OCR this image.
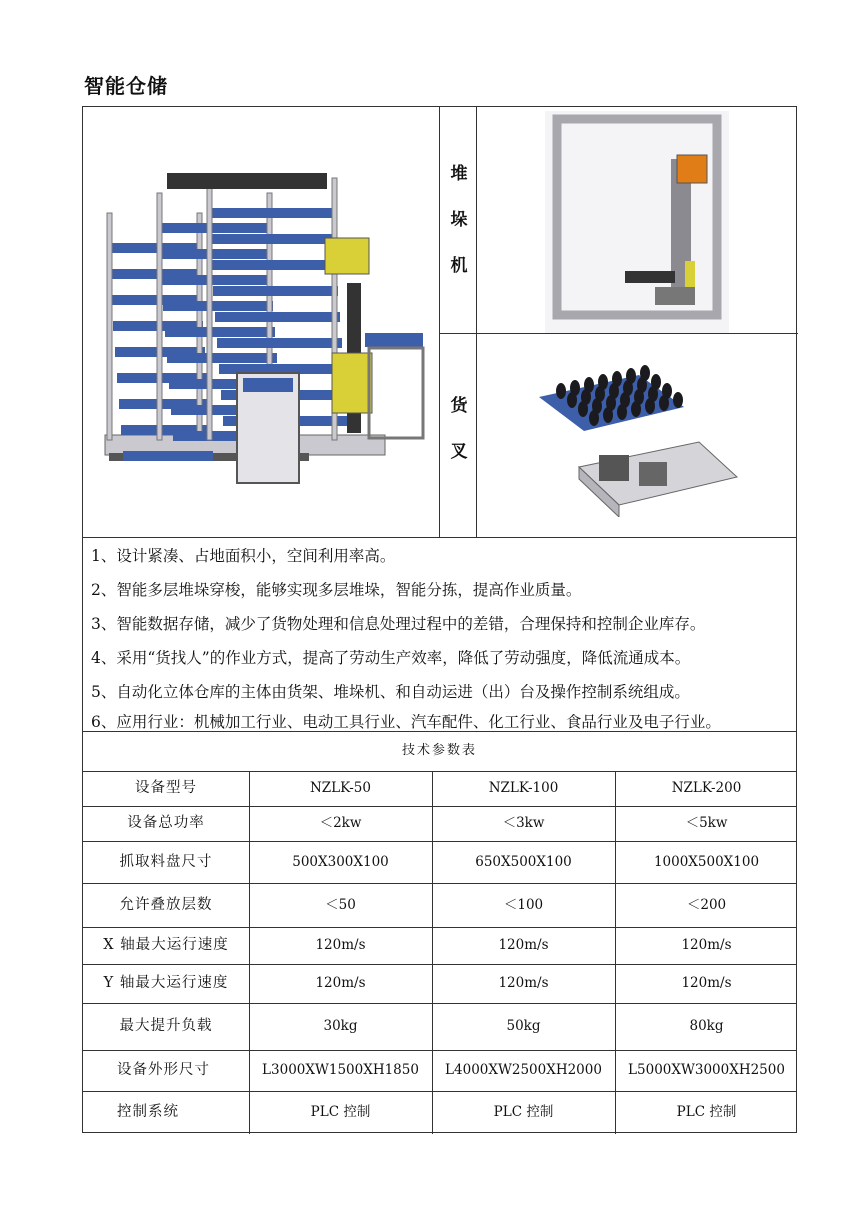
智能仓储
堆
垛
机
货
叉
1、设计紧凑、占地面积小，空间利用率高。
2、智能多层堆垛穿梭，能够实现多层堆垛，智能分拣，提高作业质量。
3、智能数据存储，减少了货物处理和信息处理过程中的差错，合理保持和控制企业库存。
4、采用“货找人”的作业方式，提高了劳动生产效率，降低了劳动强度，降低流通成本。
5、自动化立体仓库的主体由货架、堆垛机、和自动运进（出）台及操作控制系统组成。
6、应用行业：机械加工行业、电动工具行业、汽车配件、化工行业、食品行业及电子行业。
技术参数表
设备型号	NZLK-50	NZLK-100	NZLK-200
设备总功率	＜2kw	＜3kw	＜5kw
抓取料盘尺寸	500X300X100	650X500X100	1000X500X100
允许叠放层数	＜50	＜100	＜200
X 轴最大运行速度	120m/s	120m/s	120m/s
Y 轴最大运行速度	120m/s	120m/s	120m/s
最大提升负载	30kg	50kg	80kg
设备外形尺寸	L3000XW1500XH1850	L4000XW2500XH2000	L5000XW3000XH2500
控制系统	PLC 控制	PLC 控制	PLC 控制
